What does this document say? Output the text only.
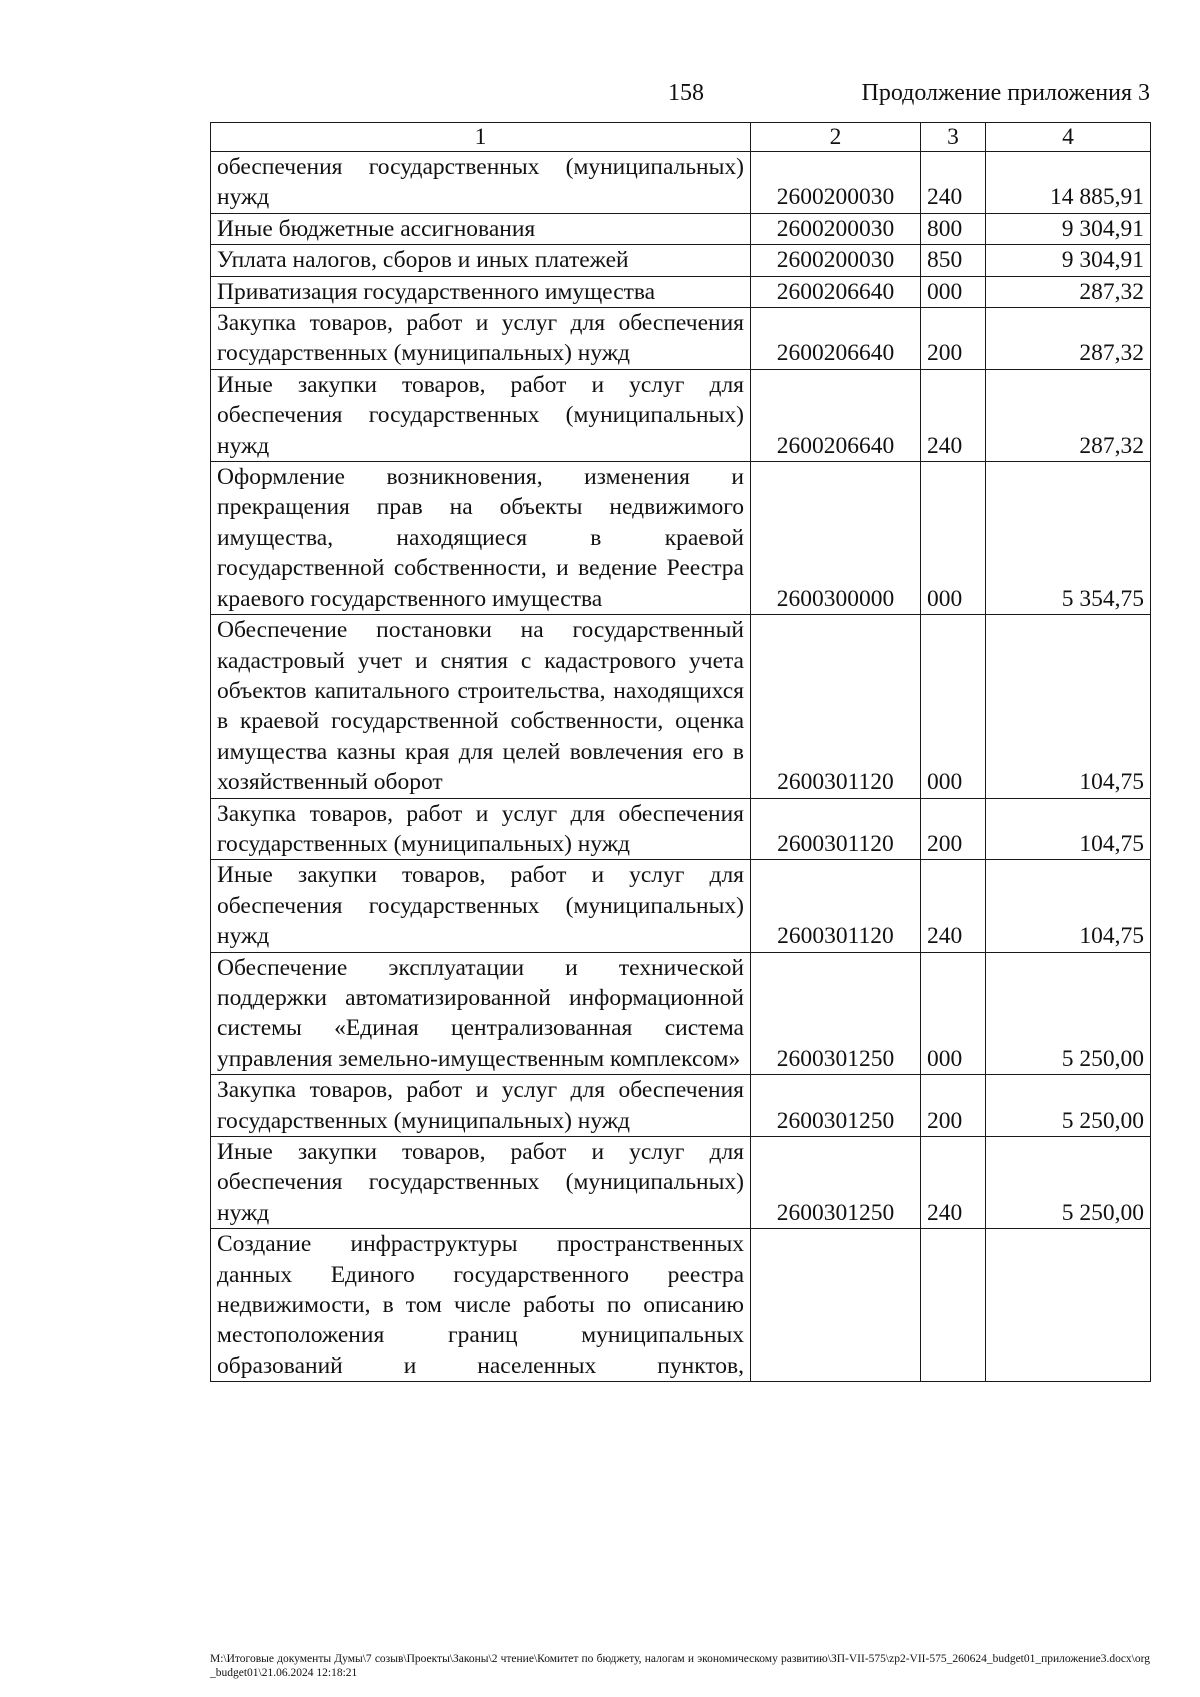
158	Продолжение приложения 3
1	2	3	4
обеспечения государственных (муниципальных) нужд	2600200030	240	14 885,91
Иные бюджетные ассигнования	2600200030	800	9 304,91
Уплата налогов, сборов и иных платежей	2600200030	850	9 304,91
Приватизация государственного имущества	2600206640	000	287,32
Закупка товаров, работ и услуг для обеспечения государственных (муниципальных) нужд	2600206640	200	287,32
Иные закупки товаров, работ и услуг для обеспечения государственных (муниципальных) нужд	2600206640	240	287,32
Оформление возникновения, изменения и прекращения прав на объекты недвижимого имущества, находящиеся в краевой государственной собственности, и ведение Реестра краевого государственного имущества	2600300000	000	5 354,75
Обеспечение постановки на государственный кадастровый учет и снятия с кадастрового учета объектов капитального строительства, находящихся в краевой государственной собственности, оценка имущества казны края для целей вовлечения его в хозяйственный оборот	2600301120	000	104,75
Закупка товаров, работ и услуг для обеспечения государственных (муниципальных) нужд	2600301120	200	104,75
Иные закупки товаров, работ и услуг для обеспечения государственных (муниципальных) нужд	2600301120	240	104,75
Обеспечение эксплуатации и технической поддержки автоматизированной информационной системы «Единая централизованная система управления земельно-имущественным комплексом»	2600301250	000	5 250,00
Закупка товаров, работ и услуг для обеспечения государственных (муниципальных) нужд	2600301250	200	5 250,00
Иные закупки товаров, работ и услуг для обеспечения государственных (муниципальных) нужд	2600301250	240	5 250,00
Создание инфраструктуры пространственных данных Единого государственного реестра недвижимости, в том числе работы по описанию местоположения границ муниципальных образований и населенных пунктов,			
M:\Итоговые документы Думы\7 созыв\Проекты\Законы\2 чтение\Комитет по бюджету, налогам и экономическому развитию\ЗП-VII-575\zp2-VII-575_260624_budget01_приложение3.docx\org_budget01\21.06.2024 12:18:21
